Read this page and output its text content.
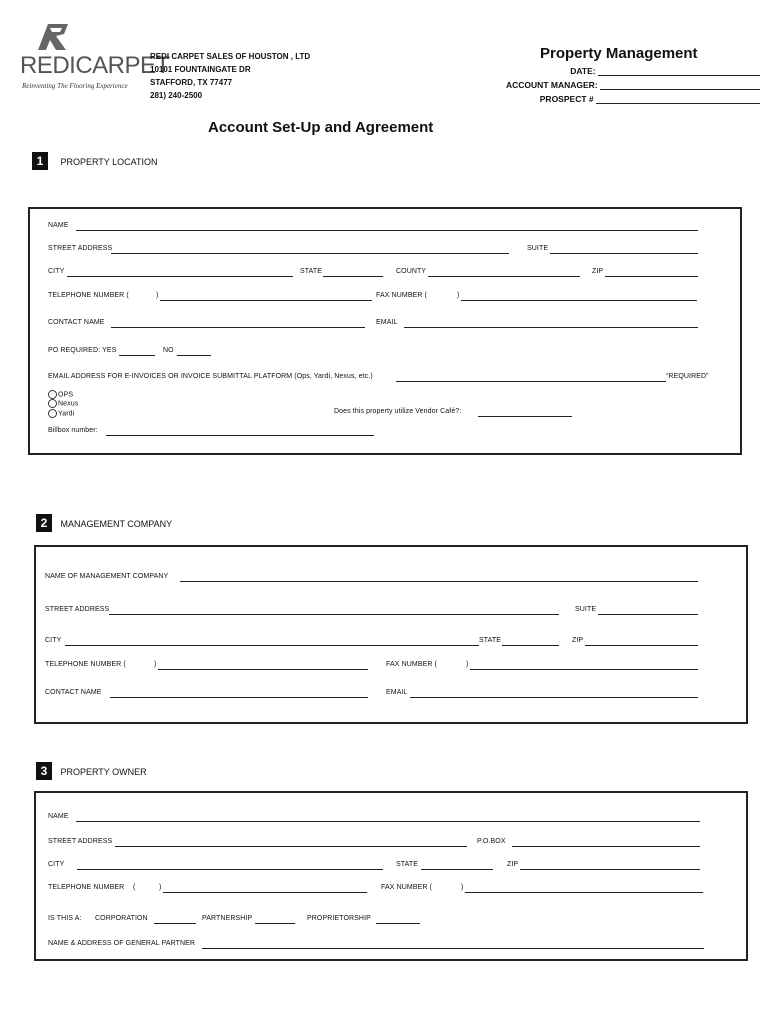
REDICARPET
Reinventing The Flooring Experience
REDI CARPET SALES OF HOUSTON , LTD
10101 FOUNTAINGATE DR
STAFFORD, TX 77477
281) 240-2500
Property Management
DATE:
ACCOUNT MANAGER:
PROSPECT #
Account Set-Up and Agreement
1 PROPERTY LOCATION
NAME
STREET ADDRESS	SUITE
CITY	STATE	COUNTY	ZIP
TELEPHONE NUMBER (	)	FAX NUMBER (	)
CONTACT NAME	EMAIL
PO REQUIRED: YES	NO
EMAIL ADDRESS FOR E-INVOICES OR INVOICE SUBMITTAL PLATFORM (Ops, Yardi, Nexus, etc.)	“REQUIRED”
OPS
Nexus
Yardi	Does this property utilize Vendor Café?:
Billbox number:
2 MANAGEMENT COMPANY
NAME OF MANAGEMENT COMPANY
STREET ADDRESS	SUITE
CITY	STATE	ZIP
TELEPHONE NUMBER (	)	FAX NUMBER (	)
CONTACT NAME	EMAIL
3 PROPERTY OWNER
NAME
STREET ADDRESS	P.O.BOX
CITY	STATE	ZIP
TELEPHONE NUMBER (	)	FAX NUMBER (	)
IS THIS A: CORPORATION	PARTNERSHIP	PROPRIETORSHIP
NAME & ADDRESS OF GENERAL PARTNER
